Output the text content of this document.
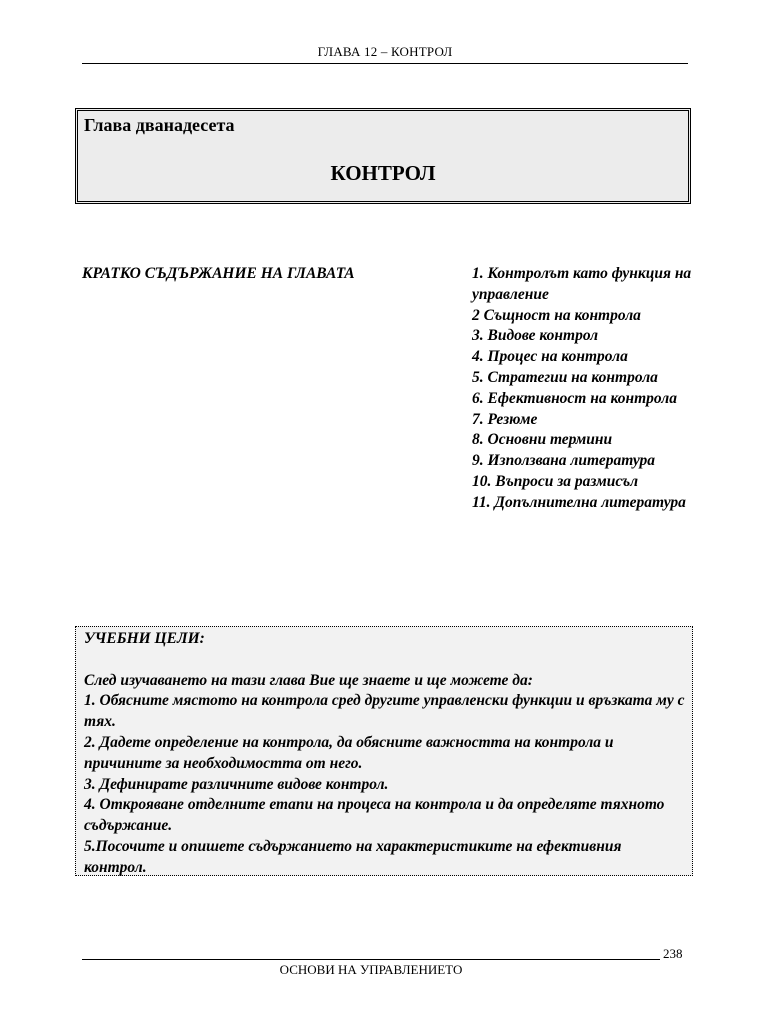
ГЛАВА 12 – КОНТРОЛ
Глава дванадесета
КОНТРОЛ
КРАТКО СЪДЪРЖАНИЕ НА ГЛАВАТА	1. Контролът като функция на управление
2 Същност на контрола
3. Видове контрол
4. Процес на контрола
5. Стратегии на контрола
6. Ефективност на контрола
7. Резюме
8. Основни термини
9. Използвана литература
10. Въпроси за размисъл
11. Допълнителна литература

УЧЕБНИ ЦЕЛИ:

След изучаването на тази глава Вие ще знаете и ще можете да:

1. Обясните мястото на контрола сред другите управленски функции и връзката му с тях.

2. Дадете определение на контрола, да обясните важността на контрола и причините за необходимостта от него.

3. Дефинирате различните видове контрол.

4. Открояване отделните етапи на процеса на контрола и да определяте тяхното съдържание.

5.Посочите и опишете съдържанието на характеристиките на ефективния контрол.

238
ОСНОВИ НА УПРАВЛЕНИЕТО
